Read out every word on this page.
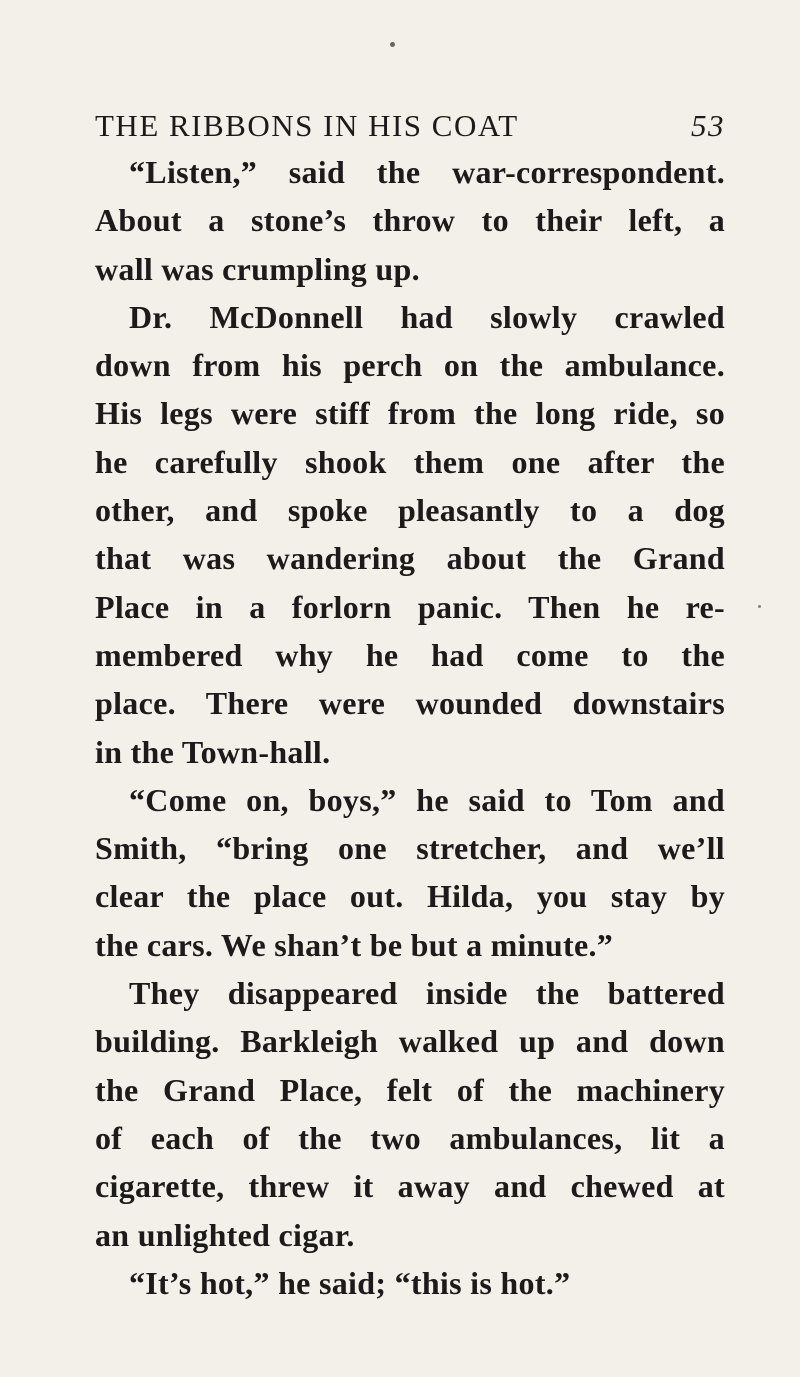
THE RIBBONS IN HIS COAT	53
“Listen,” said the war-correspondent.
About a stone’s throw to their left, a
wall was crumpling up.
Dr. McDonnell had slowly crawled
down from his perch on the ambulance.
His legs were stiff from the long ride, so
he carefully shook them one after the
other, and spoke pleasantly to a dog
that was wandering about the Grand
Place in a forlorn panic. Then he re-
membered why he had come to the
place. There were wounded downstairs
in the Town-hall.
“Come on, boys,” he said to Tom and
Smith, “bring one stretcher, and we’ll
clear the place out. Hilda, you stay by
the cars. We shan’t be but a minute.”
They disappeared inside the battered
building. Barkleigh walked up and down
the Grand Place, felt of the machinery
of each of the two ambulances, lit a
cigarette, threw it away and chewed at
an unlighted cigar.
“It’s hot,” he said; “this is hot.”
